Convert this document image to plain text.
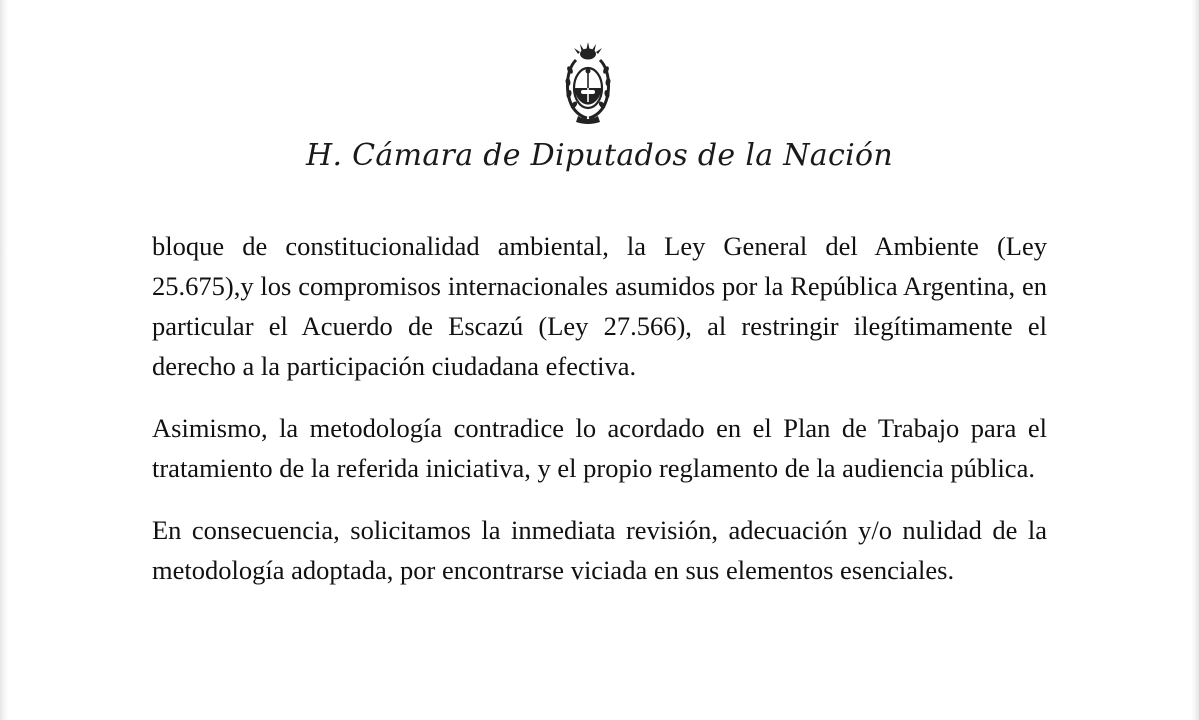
H. Cámara de Diputados de la Nación

bloque de constitucionalidad ambiental, la Ley General del Ambiente (Ley 25.675),y los compromisos internacionales asumidos por la República Argentina, en particular el Acuerdo de Escazú (Ley 27.566), al restringir ilegítimamente el derecho a la participación ciudadana efectiva.

Asimismo, la metodología contradice lo acordado en el Plan de Trabajo para el tratamiento de la referida iniciativa, y el propio reglamento de la audiencia pública.

En consecuencia, solicitamos la inmediata revisión, adecuación y/o nulidad de la metodología adoptada, por encontrarse viciada en sus elementos esenciales.
